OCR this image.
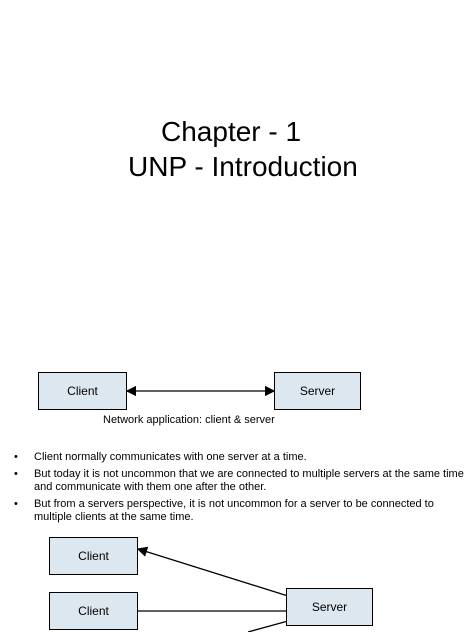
Chapter - 1
UNP - Introduction
Client	Server
Network application: client & server
• Client normally communicates with one server at a time.
• But today it is not uncommon that we are connected to multiple servers at the same time and communicate with them one after the other.
• But from a servers perspective, it is not uncommon for a server to be connected to multiple clients at the same time.
Client
Client	Server
